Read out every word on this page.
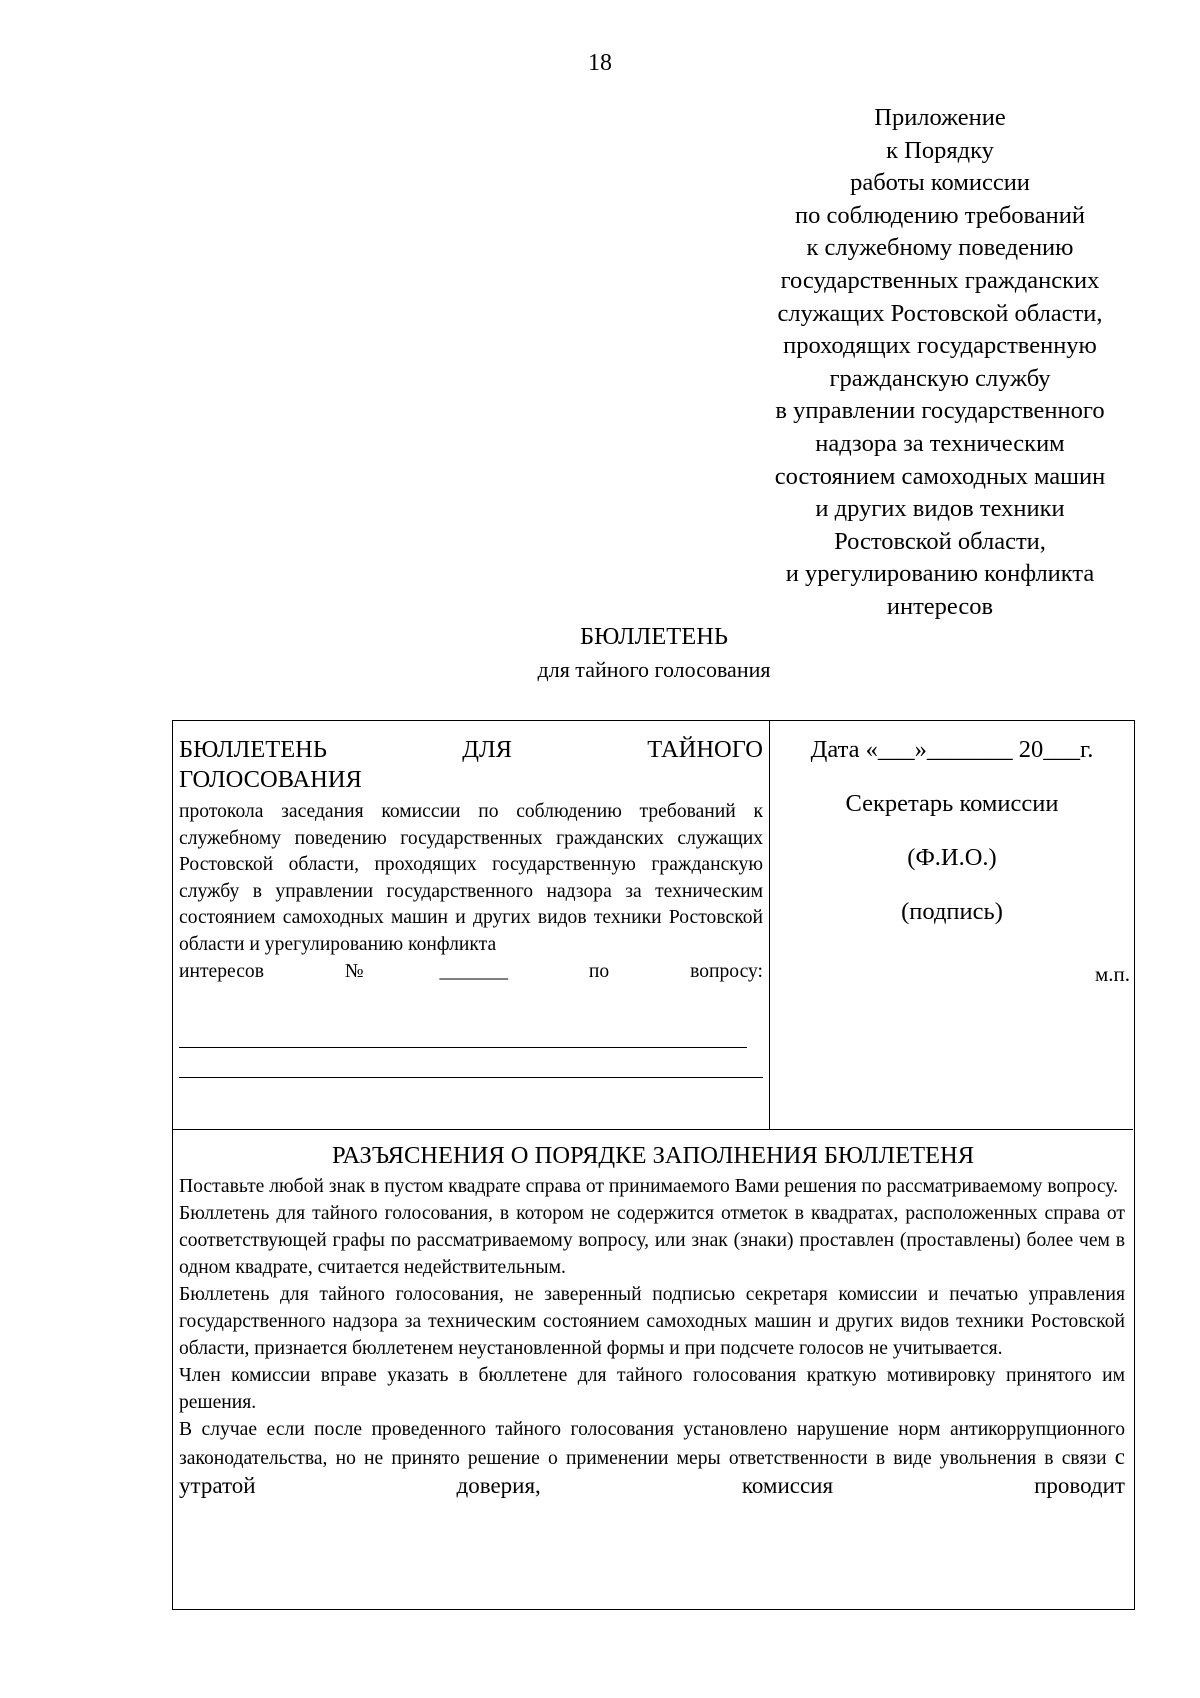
18
Приложение
к Порядку
работы комиссии
по соблюдению требований
к служебному поведению
государственных гражданских
служащих Ростовской области,
проходящих государственную
гражданскую службу
в управлении государственного
надзора за техническим
состоянием самоходных машин
и других видов техники
Ростовской области,
и урегулированию конфликта
интересов
БЮЛЛЕТЕНЬ
для тайного голосования
БЮЛЛЕТЕНЬ ДЛЯ ТАЙНОГО
ГОЛОСОВАНИЯ
протокола заседания комиссии по соблюдению требований к служебному поведению государственных гражданских служащих Ростовской области, проходящих государственную гражданскую службу в управлении государственного надзора за техническим состоянием самоходных машин и других видов техники Ростовской области и урегулированию конфликта
интересов №_______ по вопросу:
Дата «___»_______ 20___г.
Секретарь комиссии
(Ф.И.О.)
(подпись)
м.п.
РАЗЪЯСНЕНИЯ О ПОРЯДКЕ ЗАПОЛНЕНИЯ БЮЛЛЕТЕНЯ

Поставьте любой знак в пустом квадрате справа от принимаемого Вами решения по рассматриваемому вопросу.

Бюллетень для тайного голосования, в котором не содержится отметок в квадратах, расположенных справа от соответствующей графы по рассматриваемому вопросу, или знак (знаки) проставлен (проставлены) более чем в одном квадрате, считается недействительным.

Бюллетень для тайного голосования, не заверенный подписью секретаря комиссии и печатью управления государственного надзора за техническим состоянием самоходных машин и других видов техники Ростовской области, признается бюллетенем неустановленной формы и при подсчете голосов не учитывается.

Член комиссии вправе указать в бюллетене для тайного голосования краткую мотивировку принятого им решения.

В случае если после проведенного тайного голосования установлено нарушение норм антикоррупционного законодательства, но не принято решение о применении меры ответственности в виде увольнения в связи с утратой доверия, комиссия проводит
